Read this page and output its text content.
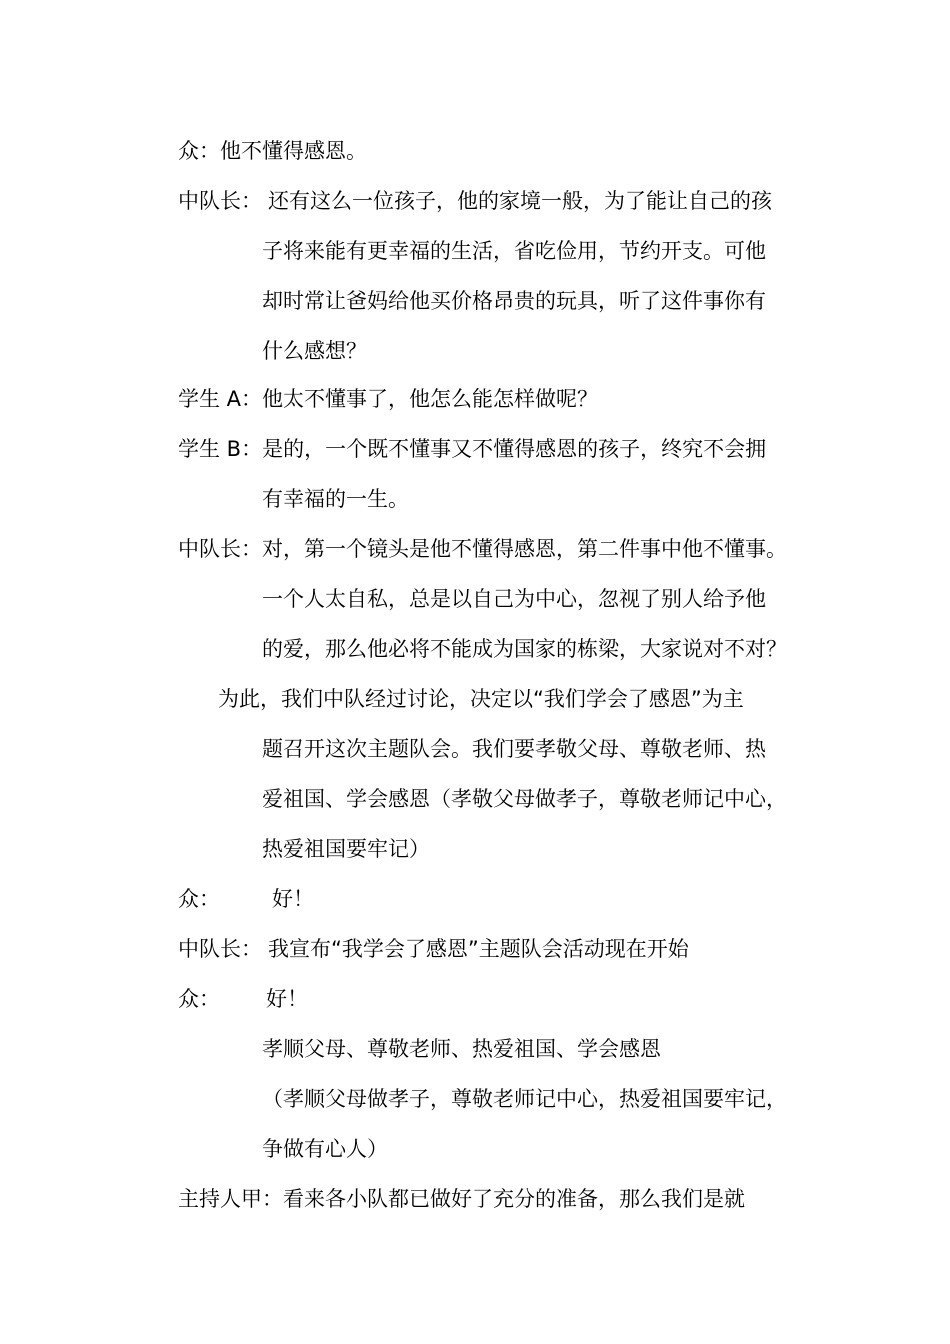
众：他不懂得感恩。
中队长： 还有这么一位孩子，他的家境一般，为了能让自己的孩
子将来能有更幸福的生活，省吃俭用，节约开支。可他
却时常让爸妈给他买价格昂贵的玩具，听了这件事你有
什么感想？
学生 A：他太不懂事了，他怎么能怎样做呢？
学生 B：是的，一个既不懂事又不懂得感恩的孩子，终究不会拥
有幸福的一生。
中队长：对，第一个镜头是他不懂得感恩，第二件事中他不懂事。
一个人太自私，总是以自己为中心，忽视了别人给予他
的爱，那么他必将不能成为国家的栋梁，大家说对不对？
为此，我们中队经过讨论，决定以“我们学会了感恩”为主
题召开这次主题队会。我们要孝敬父母、尊敬老师、热
爱祖国、学会感恩（孝敬父母做孝子，尊敬老师记中心，
热爱祖国要牢记）
众： 好！
中队长： 我宣布“我学会了感恩”主题队会活动现在开始
众： 好！
孝顺父母、尊敬老师、热爱祖国、学会感恩
（孝顺父母做孝子，尊敬老师记中心，热爱祖国要牢记，
争做有心人）
主持人甲：看来各小队都已做好了充分的准备，那么我们是就
